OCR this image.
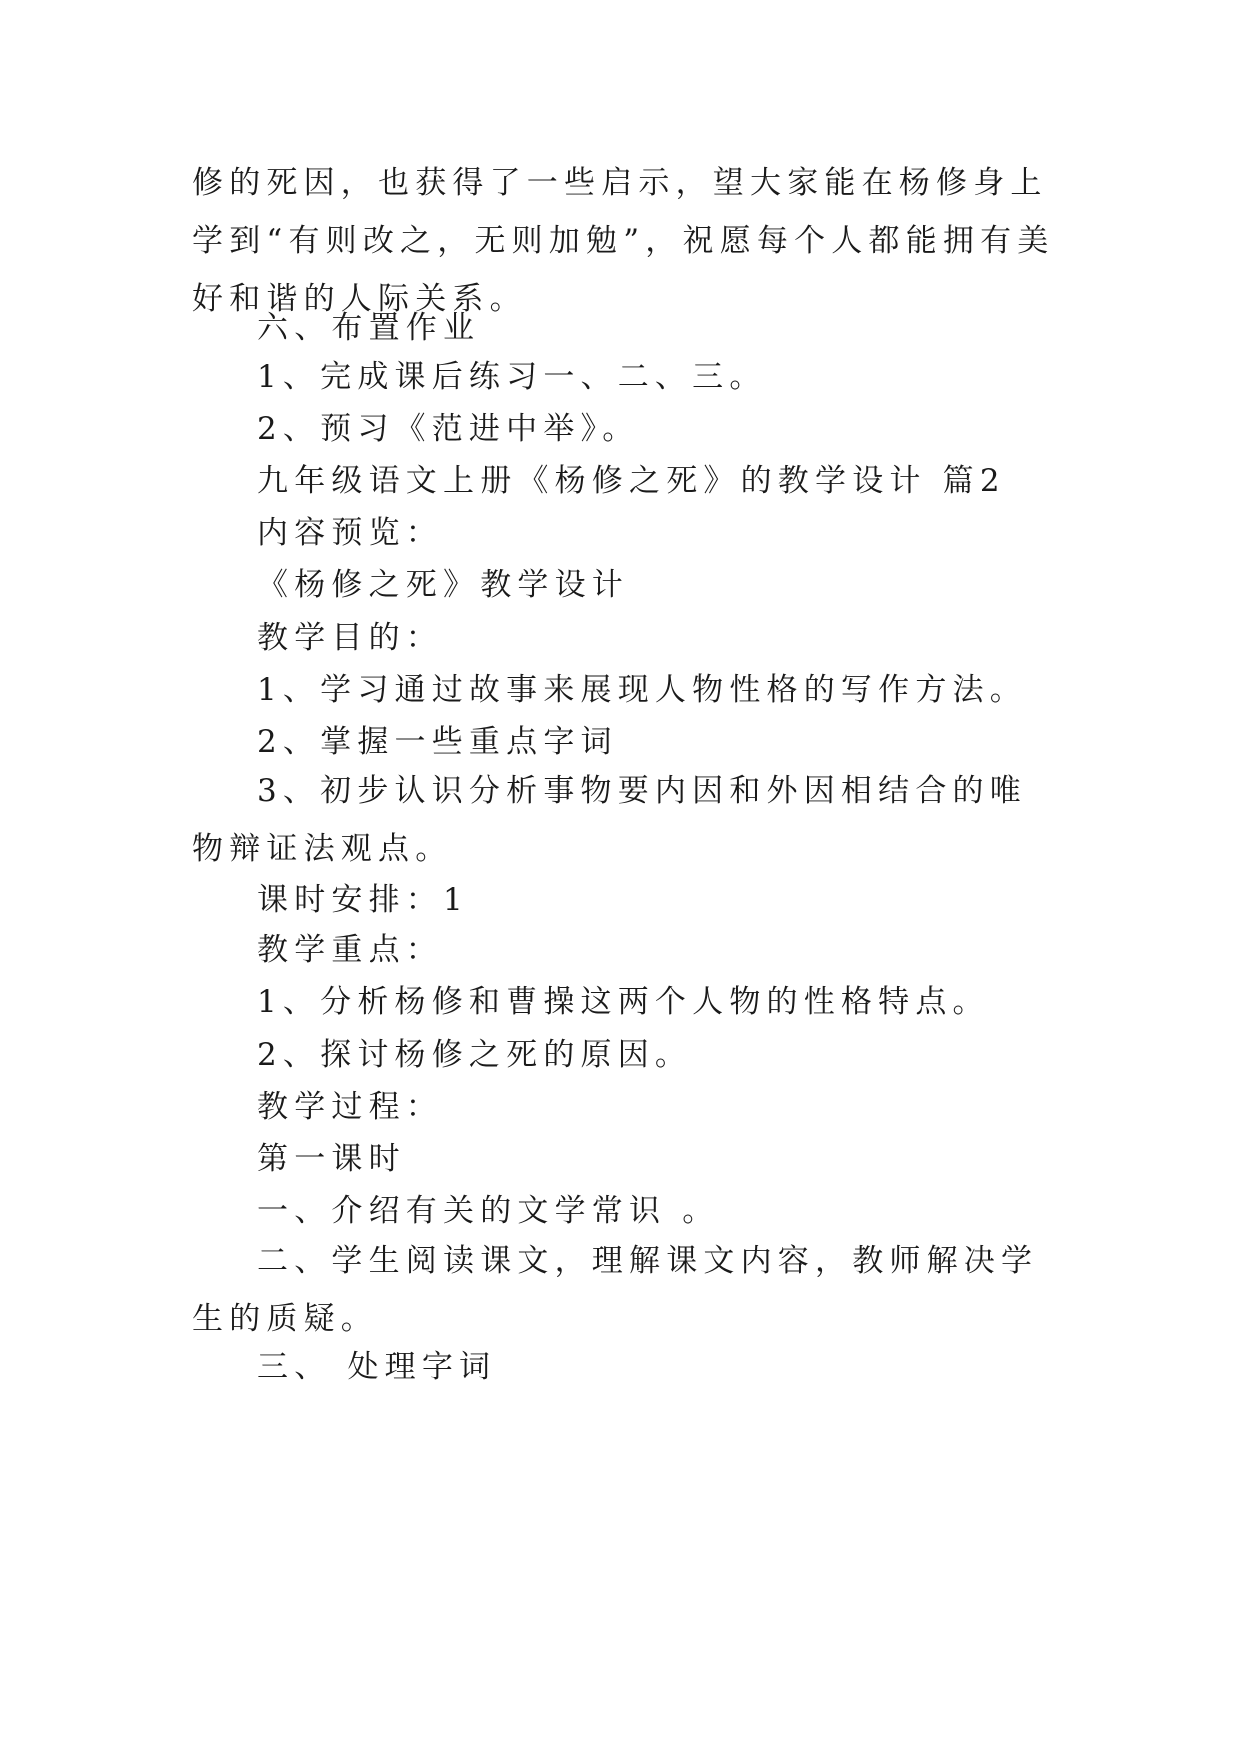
修的死因，也获得了一些启示，望大家能在杨修身上学到“有则改之，无则加勉”，祝愿每个人都能拥有美好和谐的人际关系。

六、布置作业

1、完成课后练习一、二、三。

2、预习《范进中举》。

九年级语文上册《杨修之死》的教学设计 篇2

内容预览：

《杨修之死》教学设计

教学目的：

1、学习通过故事来展现人物性格的写作方法。

2、掌握一些重点字词

3、初步认识分析事物要内因和外因相结合的唯物辩证法观点。

课时安排：1

教学重点：

1、分析杨修和曹操这两个人物的性格特点。

2、探讨杨修之死的原因。

教学过程：

第一课时

一、介绍有关的文学常识 。

二、学生阅读课文，理解课文内容，教师解决学生的质疑。

三、 处理字词
